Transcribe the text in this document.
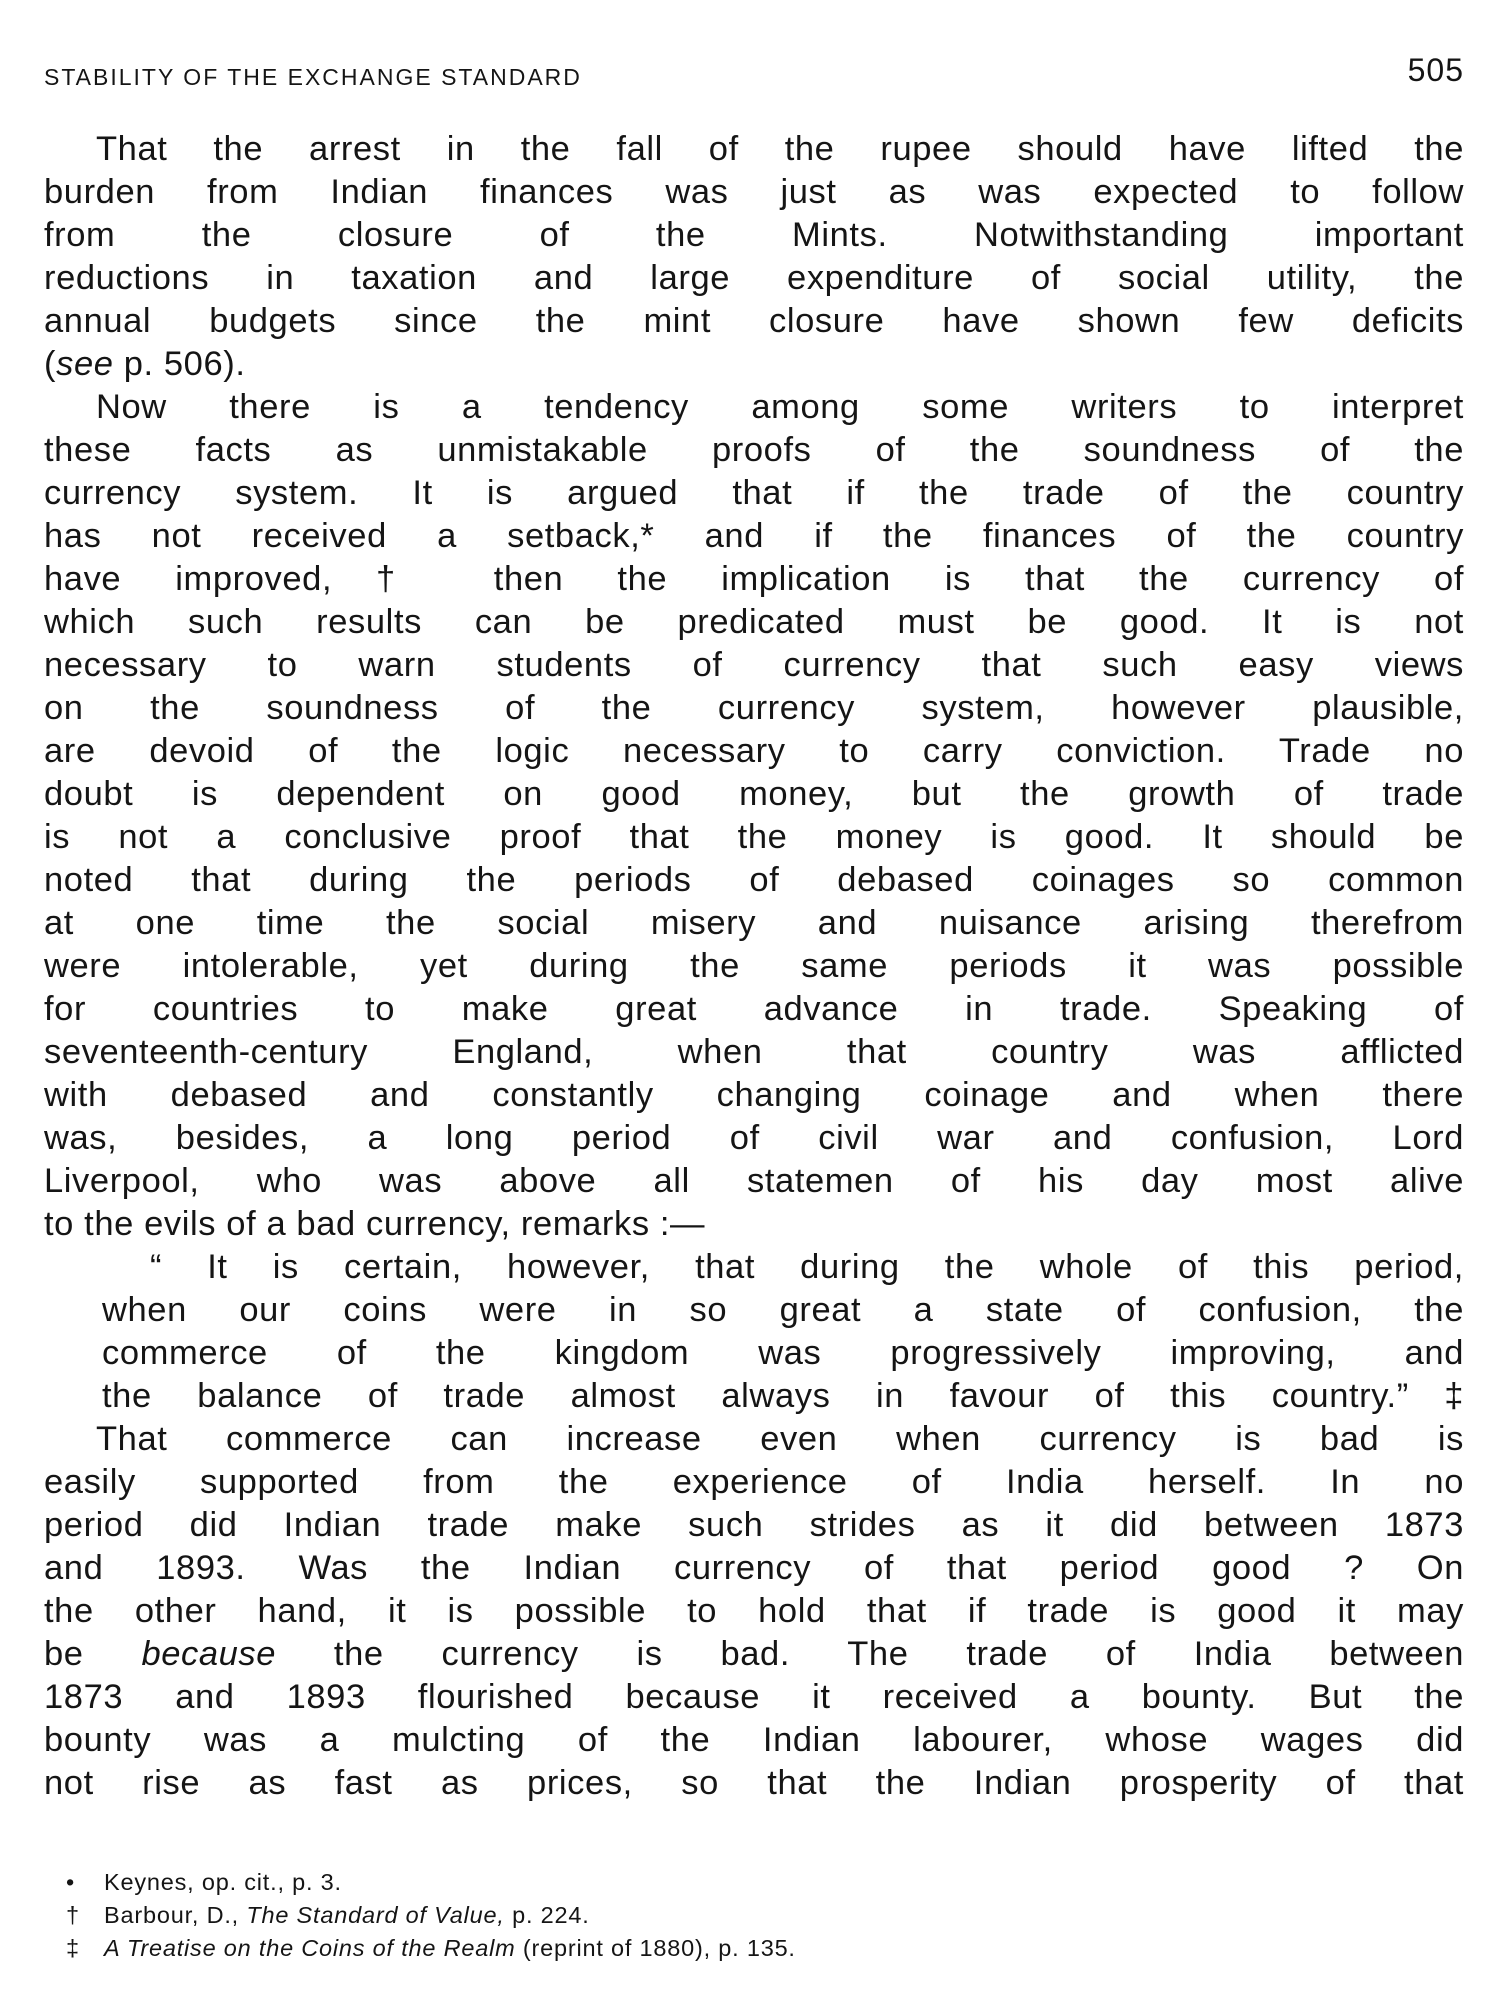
STABILITY OF THE EXCHANGE STANDARD	505
That the arrest in the fall of the rupee should have lifted the
burden from Indian finances was just as was expected to follow
from the closure of the Mints. Notwithstanding important
reductions in taxation and large expenditure of social utility, the
annual budgets since the mint closure have shown few deficits
(see p. 506).
Now there is a tendency among some writers to interpret
these facts as unmistakable proofs of the soundness of the
currency system. It is argued that if the trade of the country
has not received a setback,* and if the finances of the country
have improved,† then the implication is that the currency of
which such results can be predicated must be good. It is not
necessary to warn students of currency that such easy views
on the soundness of the currency system, however plausible,
are devoid of the logic necessary to carry conviction. Trade no
doubt is dependent on good money, but the growth of trade
is not a conclusive proof that the money is good. It should be
noted that during the periods of debased coinages so common
at one time the social misery and nuisance arising therefrom
were intolerable, yet during the same periods it was possible
for countries to make great advance in trade. Speaking of
seventeenth-century England, when that country was afflicted
with debased and constantly changing coinage and when there
was, besides, a long period of civil war and confusion, Lord
Liverpool, who was above all statemen of his day most alive
to the evils of a bad currency, remarks :—
“ It is certain, however, that during the whole of this period,
when our coins were in so great a state of confusion, the
commerce of the kingdom was progressively improving, and
the balance of trade almost always in favour of this country.”‡
That commerce can increase even when currency is bad is
easily supported from the experience of India herself. In no
period did Indian trade make such strides as it did between 1873
and 1893. Was the Indian currency of that period good ? On
the other hand, it is possible to hold that if trade is good it may
be because the currency is bad. The trade of India between
1873 and 1893 flourished because it received a bounty. But the
bounty was a mulcting of the Indian labourer, whose wages did
not rise as fast as prices, so that the Indian prosperity of that
• Keynes, op. cit., p. 3.
† Barbour, D., The Standard of Value, p. 224.
‡ A Treatise on the Coins of the Realm (reprint of 1880), p. 135.
